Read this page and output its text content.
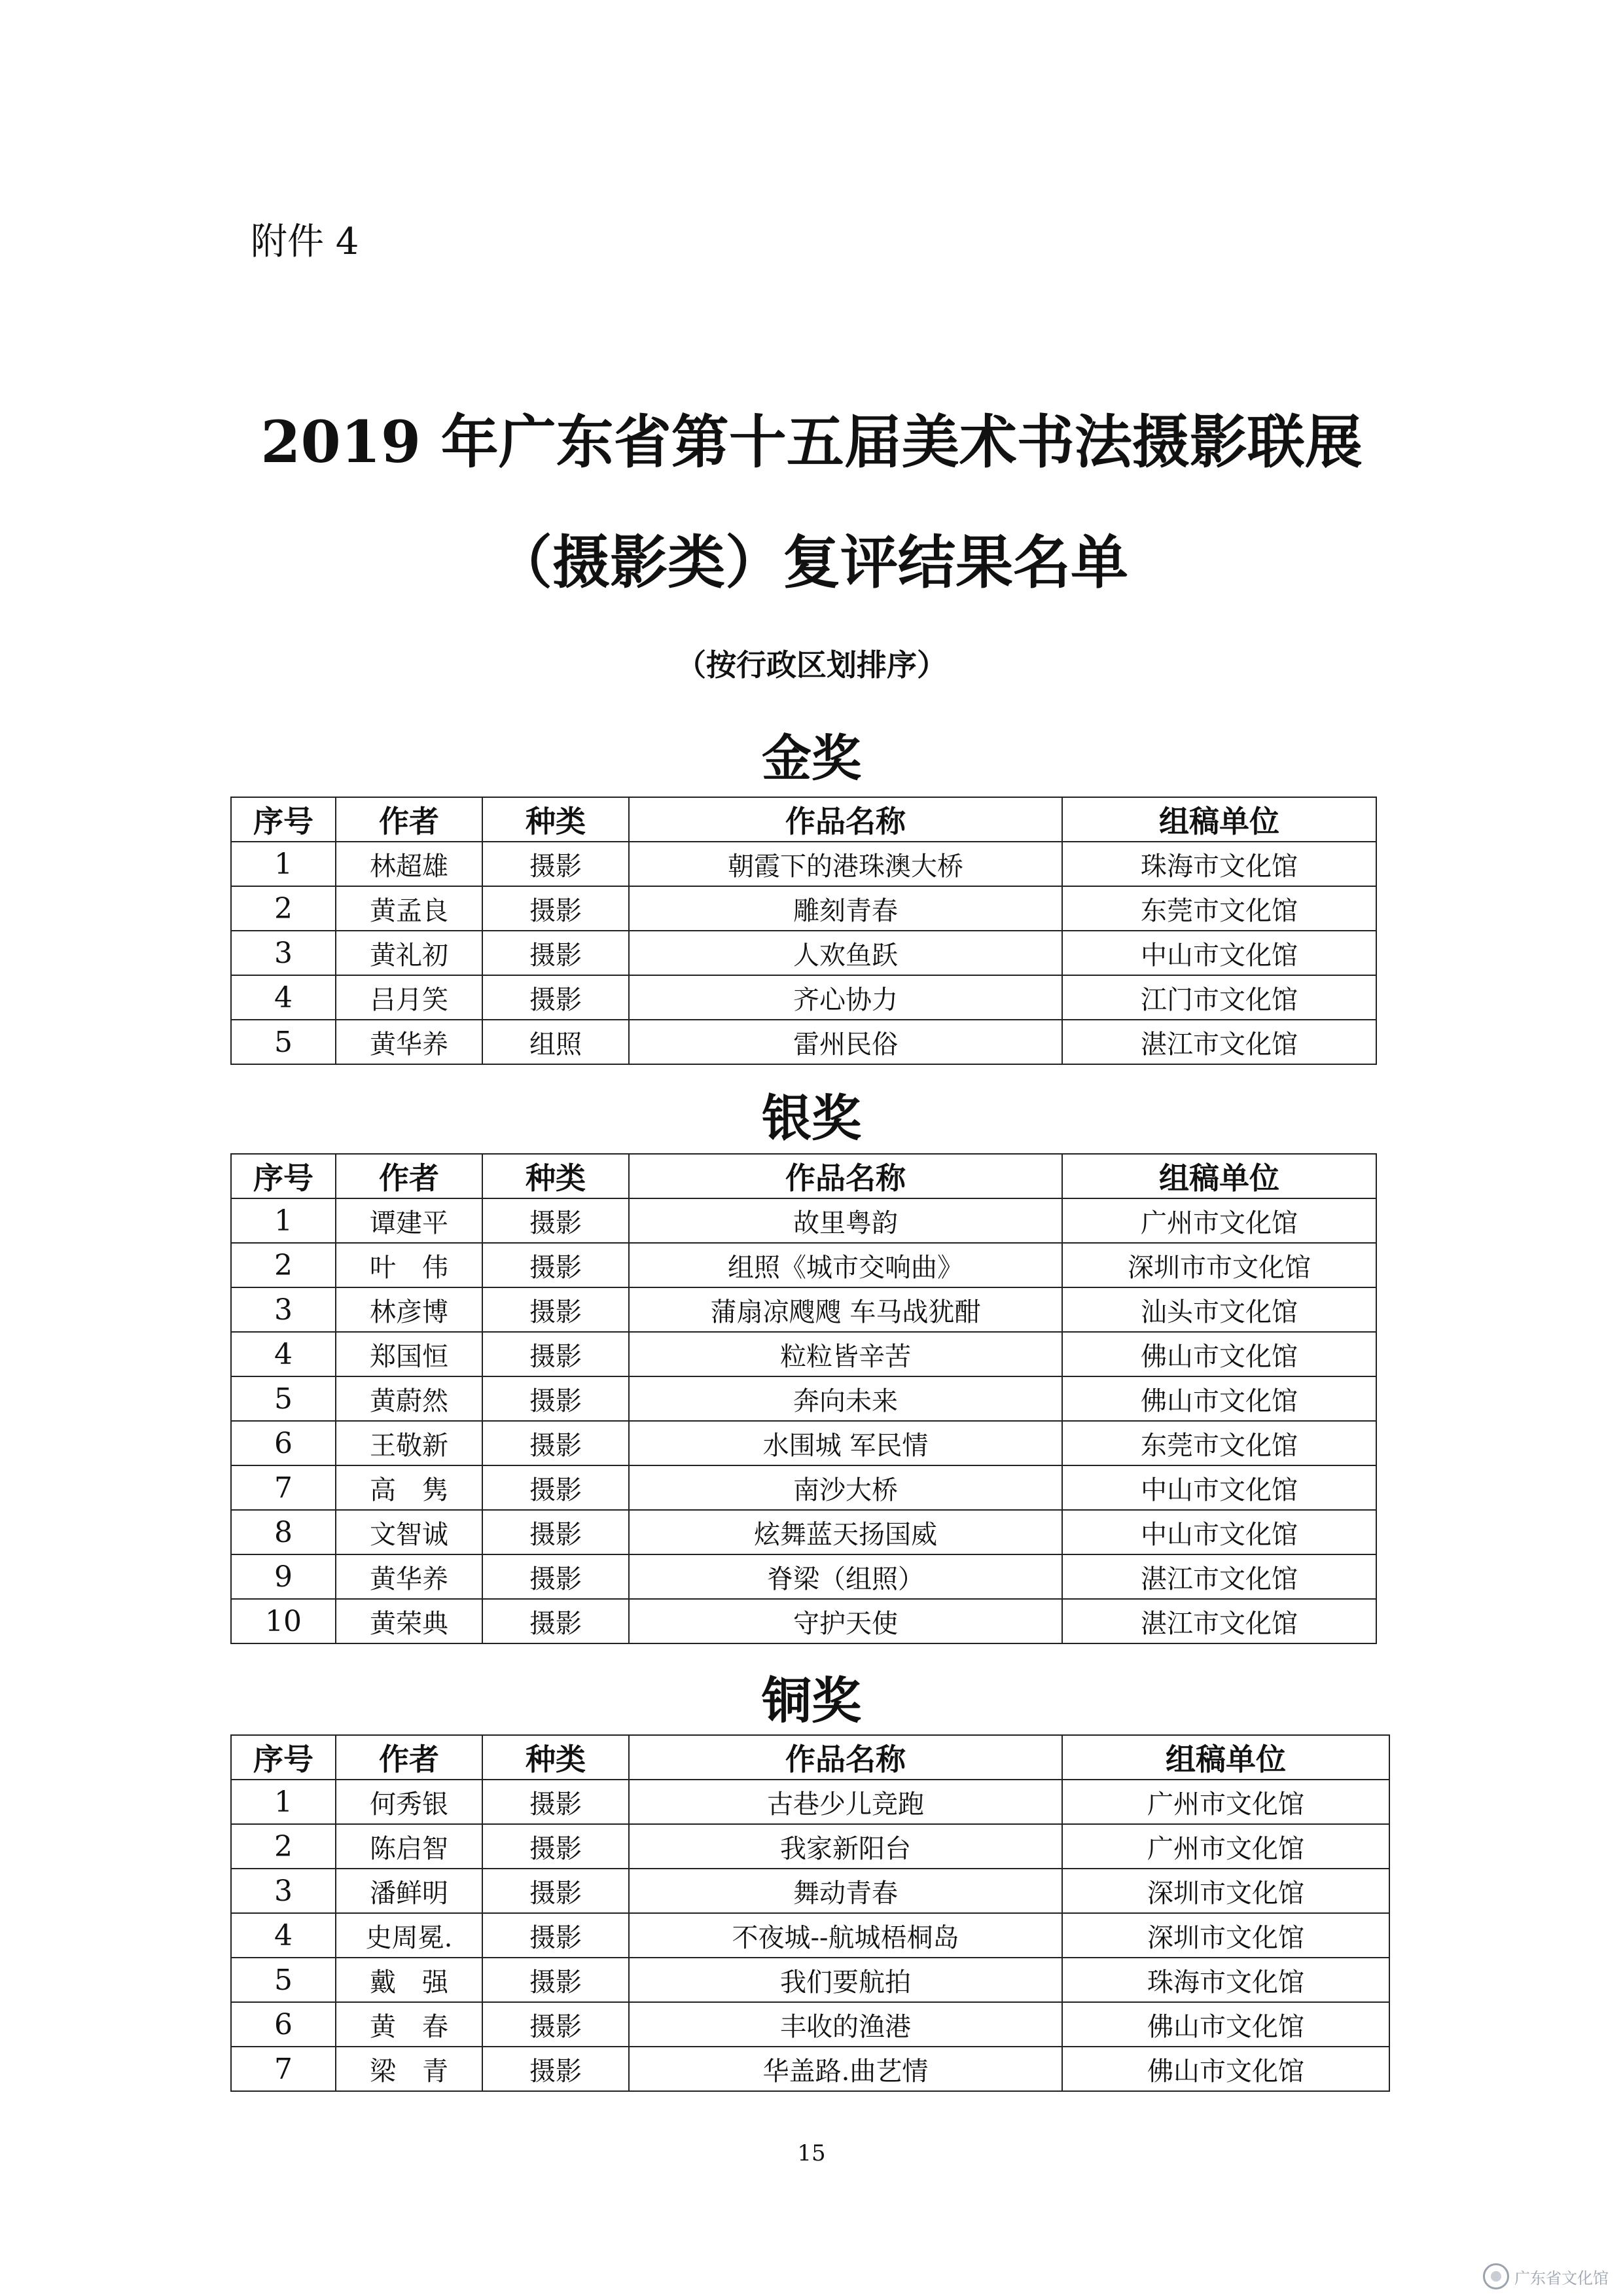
附件 4
2019 年广东省第十五届美术书法摄影联展
（摄影类）复评结果名单
（按行政区划排序）
金奖
序号	作者	种类	作品名称	组稿单位
1	林超雄	摄影	朝霞下的港珠澳大桥	珠海市文化馆
2	黄孟良	摄影	雕刻青春	东莞市文化馆
3	黄礼初	摄影	人欢鱼跃	中山市文化馆
4	吕月笑	摄影	齐心协力	江门市文化馆
5	黄华养	组照	雷州民俗	湛江市文化馆
银奖
序号	作者	种类	作品名称	组稿单位
1	谭建平	摄影	故里粤韵	广州市文化馆
2	叶　伟	摄影	组照《城市交响曲》	深圳市市文化馆
3	林彦博	摄影	蒲扇凉飕飕 车马战犹酣	汕头市文化馆
4	郑国恒	摄影	粒粒皆辛苦	佛山市文化馆
5	黄蔚然	摄影	奔向未来	佛山市文化馆
6	王敬新	摄影	水围城 军民情	东莞市文化馆
7	高　隽	摄影	南沙大桥	中山市文化馆
8	文智诚	摄影	炫舞蓝天扬国威	中山市文化馆
9	黄华养	摄影	脊梁（组照）	湛江市文化馆
10	黄荣典	摄影	守护天使	湛江市文化馆
铜奖
序号	作者	种类	作品名称	组稿单位
1	何秀银	摄影	古巷少儿竞跑	广州市文化馆
2	陈启智	摄影	我家新阳台	广州市文化馆
3	潘鲜明	摄影	舞动青春	深圳市文化馆
4	史周冕.	摄影	不夜城--航城梧桐岛	深圳市文化馆
5	戴　强	摄影	我们要航拍	珠海市文化馆
6	黄　春	摄影	丰收的渔港	佛山市文化馆
7	梁　青	摄影	华盖路.曲艺情	佛山市文化馆
15
广东省文化馆
